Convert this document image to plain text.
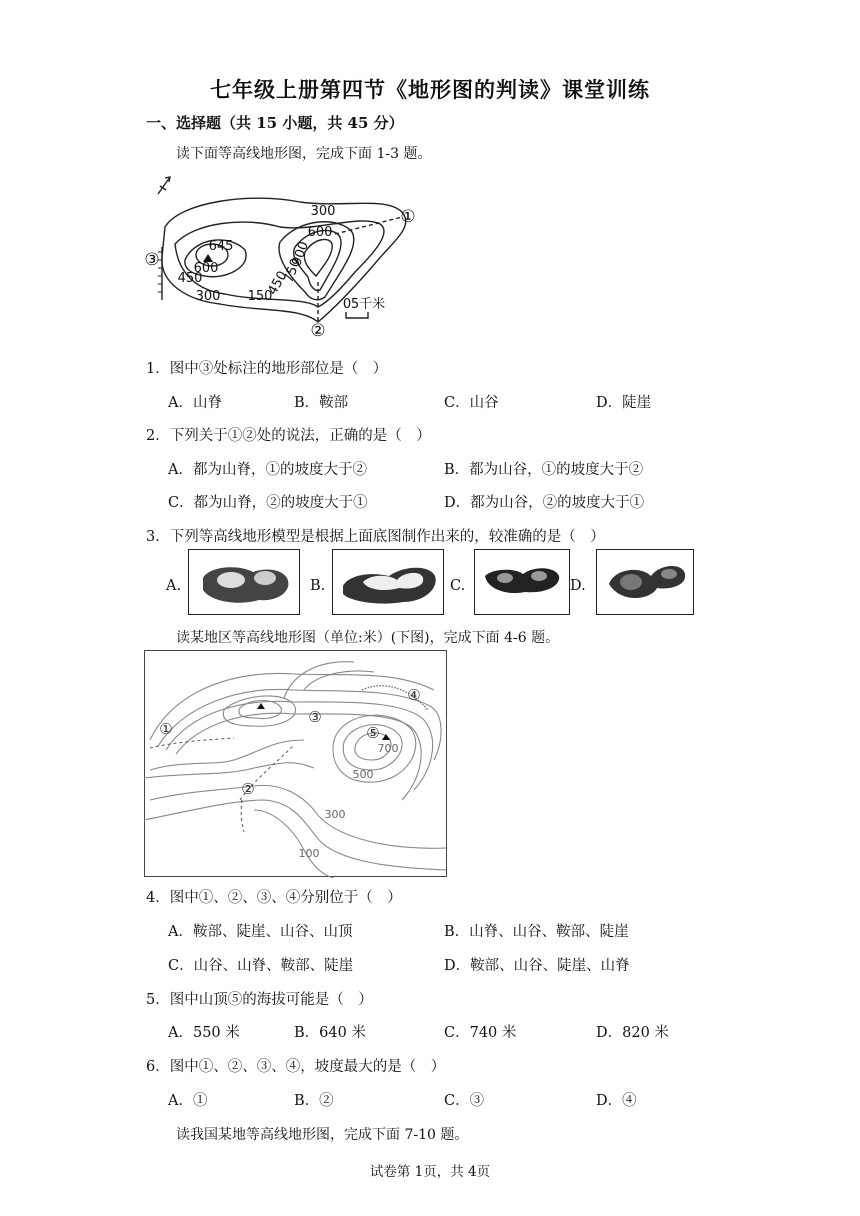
七年级上册第四节《地形图的判读》课堂训练
一、选择题（共 15 小题，共 45 分）
读下面等高线地形图，完成下面 1-3 题。
300
600
645
600
450
300 150
450
900
750
0 5千米
①
②
③
1．图中③处标注的地形部位是（　）
A．山脊	B．鞍部	C．山谷	D．陡崖
2．下列关于①②处的说法，正确的是（　）
A．都为山脊，①的坡度大于②	B．都为山谷，①的坡度大于②
C．都为山脊，②的坡度大于①	D．都为山谷，②的坡度大于①
3．下列等高线地形模型是根据上面底图制作出来的，较准确的是（　）
A.	B.	C.	D.
读某地区等高线地形图（单位:米）(下图)，完成下面 4-6 题。
700
500
300
100
①
②
③
④
⑤
4．图中①、②、③、④分别位于（　）
A．鞍部、陡崖、山谷、山顶	B．山脊、山谷、鞍部、陡崖
C．山谷、山脊、鞍部、陡崖	D．鞍部、山谷、陡崖、山脊
5．图中山顶⑤的海拔可能是（　）
A．550 米	B．640 米	C．740 米	D．820 米
6．图中①、②、③、④，坡度最大的是（　）
A．①	B．②	C．③	D．④
读我国某地等高线地形图，完成下面 7-10 题。
试卷第 1页，共 4页
